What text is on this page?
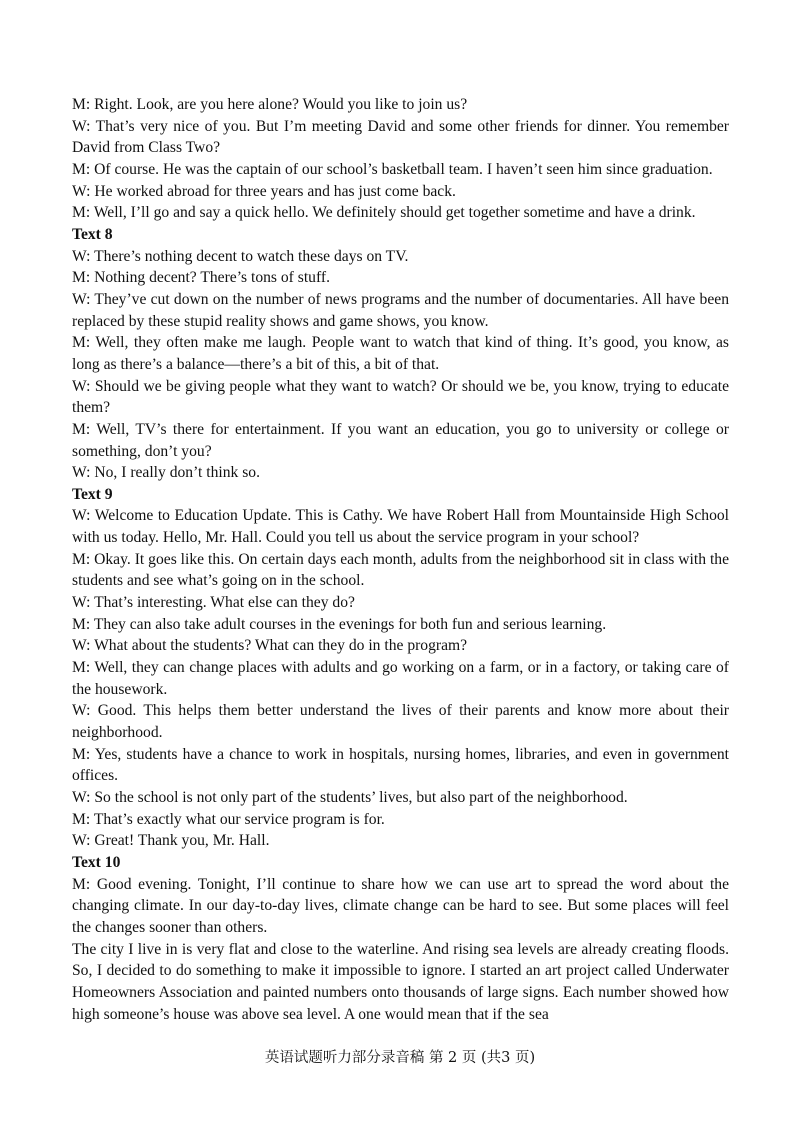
M: Right. Look, are you here alone? Would you like to join us?

W: That’s very nice of you. But I’m meeting David and some other friends for dinner. You remember David from Class Two?

M: Of course. He was the captain of our school’s basketball team. I haven’t seen him since graduation.

W: He worked abroad for three years and has just come back.

M: Well, I’ll go and say a quick hello. We definitely should get together sometime and have a drink.

Text 8

W: There’s nothing decent to watch these days on TV.

M: Nothing decent? There’s tons of stuff.

W: They’ve cut down on the number of news programs and the number of documentaries. All have been replaced by these stupid reality shows and game shows, you know.

M: Well, they often make me laugh. People want to watch that kind of thing. It’s good, you know, as long as there’s a balance—there’s a bit of this, a bit of that.

W: Should we be giving people what they want to watch? Or should we be, you know, trying to educate them?

M: Well, TV’s there for entertainment. If you want an education, you go to university or college or something, don’t you?

W: No, I really don’t think so.

Text 9

W: Welcome to Education Update. This is Cathy. We have Robert Hall from Mountainside High School with us today. Hello, Mr. Hall. Could you tell us about the service program in your school?

M: Okay. It goes like this. On certain days each month, adults from the neighborhood sit in class with the students and see what’s going on in the school.

W: That’s interesting. What else can they do?

M: They can also take adult courses in the evenings for both fun and serious learning.

W: What about the students? What can they do in the program?

M: Well, they can change places with adults and go working on a farm, or in a factory, or taking care of the housework.

W: Good. This helps them better understand the lives of their parents and know more about their neighborhood.

M: Yes, students have a chance to work in hospitals, nursing homes, libraries, and even in government offices.

W: So the school is not only part of the students’ lives, but also part of the neighborhood.

M: That’s exactly what our service program is for.

W: Great! Thank you, Mr. Hall.

Text 10

M: Good evening. Tonight, I’ll continue to share how we can use art to spread the word about the changing climate. In our day-to-day lives, climate change can be hard to see. But some places will feel the changes sooner than others.

The city I live in is very flat and close to the waterline. And rising sea levels are already creating floods. So, I decided to do something to make it impossible to ignore. I started an art project called Underwater Homeowners Association and painted numbers onto thousands of large signs. Each number showed how high someone’s house was above sea level. A one would mean that if the sea

英语试题听力部分录音稿 第 2 页 (共3 页)
